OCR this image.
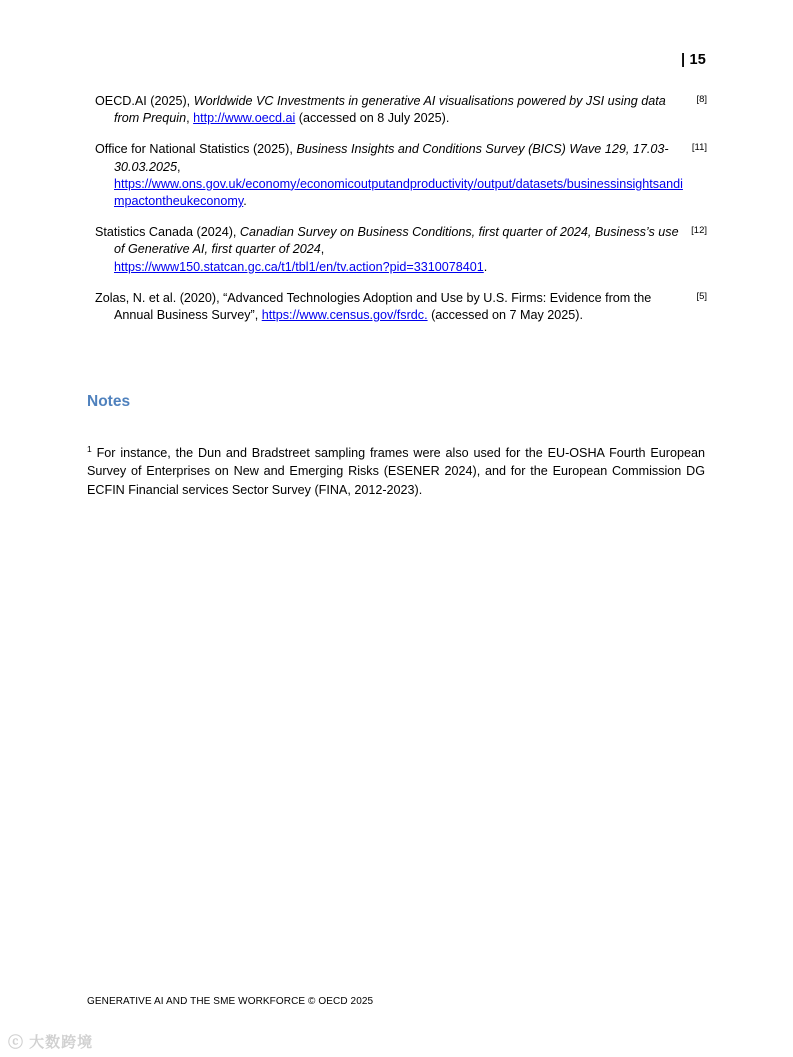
| 15
OECD.AI (2025), Worldwide VC Investments in generative AI visualisations powered by JSI using data from Prequin, http://www.oecd.ai (accessed on 8 July 2025).
[8]
Office for National Statistics (2025), Business Insights and Conditions Survey (BICS) Wave 129, 17.03-30.03.2025,
https://www.ons.gov.uk/economy/economicoutputandproductivity/output/datasets/businessinsightsandimpactontheukeconomy.
[11]
Statistics Canada (2024), Canadian Survey on Business Conditions, first quarter of 2024, Business’s use of Generative AI, first quarter of 2024,
https://www150.statcan.gc.ca/t1/tbl1/en/tv.action?pid=3310078401.
[12]
Zolas, N. et al. (2020), “Advanced Technologies Adoption and Use by U.S. Firms: Evidence from the Annual Business Survey”, https://www.census.gov/fsrdc. (accessed on 7 May 2025).
[5]
Notes
$^1$ For instance, the Dun and Bradstreet sampling frames were also used for the EU-OSHA Fourth European Survey of Enterprises on New and Emerging Risks (ESENER 2024), and for the European Commission DG ECFIN Financial services Sector Survey (FINA, 2012-2023).
GENERATIVE AI AND THE SME WORKFORCE © OECD 2025
ⓒ 大数跨境
